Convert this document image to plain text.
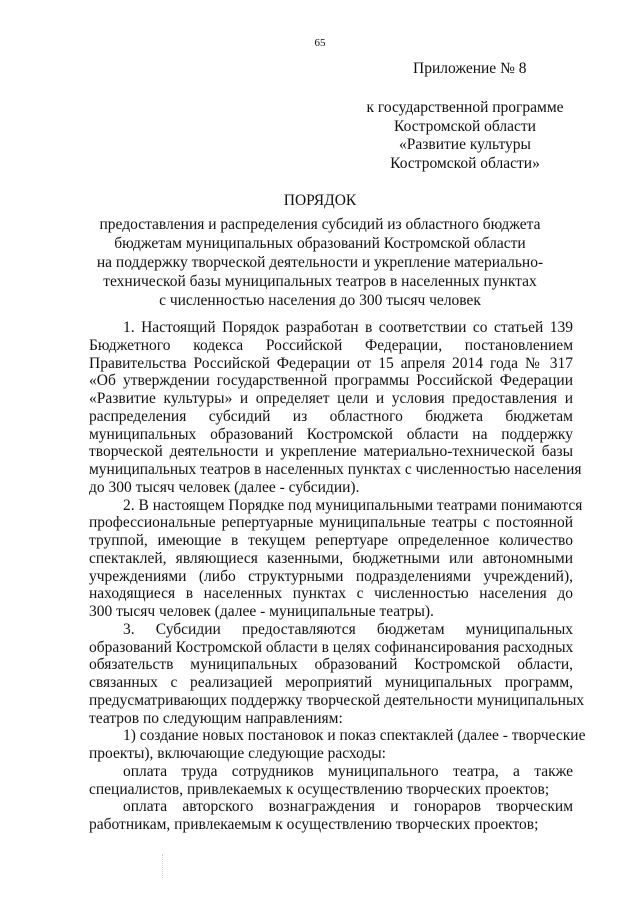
65
Приложение № 8
к государственной программе
Костромской области
«Развитие культуры
Костромской области»
ПОРЯДОК
предоставления и распределения субсидий из областного бюджета
бюджетам муниципальных образований Костромской области
на поддержку творческой деятельности и укрепление материально-
технической базы муниципальных театров в населенных пунктах
с численностью населения до 300 тысяч человек
1. Настоящий Порядок разработан в соответствии со статьей 139
Бюджетного кодекса Российской Федерации, постановлением
Правительства Российской Федерации от 15 апреля 2014 года № 317
«Об утверждении государственной программы Российской Федерации
«Развитие культуры» и определяет цели и условия предоставления и
распределения субсидий из областного бюджета бюджетам
муниципальных образований Костромской области на поддержку
творческой деятельности и укрепление материально-технической базы
муниципальных театров в населенных пунктах с численностью населения
до 300 тысяч человек (далее - субсидии).
2. В настоящем Порядке под муниципальными театрами понимаются
профессиональные репертуарные муниципальные театры с постоянной
труппой, имеющие в текущем репертуаре определенное количество
спектаклей, являющиеся казенными, бюджетными или автономными
учреждениями (либо структурными подразделениями учреждений),
находящиеся в населенных пунктах с численностью населения до
300 тысяч человек (далее - муниципальные театры).
3. Субсидии предоставляются бюджетам муниципальных
образований Костромской области в целях софинансирования расходных
обязательств муниципальных образований Костромской области,
связанных с реализацией мероприятий муниципальных программ,
предусматривающих поддержку творческой деятельности муниципальных
театров по следующим направлениям:
1) создание новых постановок и показ спектаклей (далее - творческие
проекты), включающие следующие расходы:
оплата труда сотрудников муниципального театра, а также
специалистов, привлекаемых к осуществлению творческих проектов;
оплата авторского вознаграждения и гонораров творческим
работникам, привлекаемым к осуществлению творческих проектов;
